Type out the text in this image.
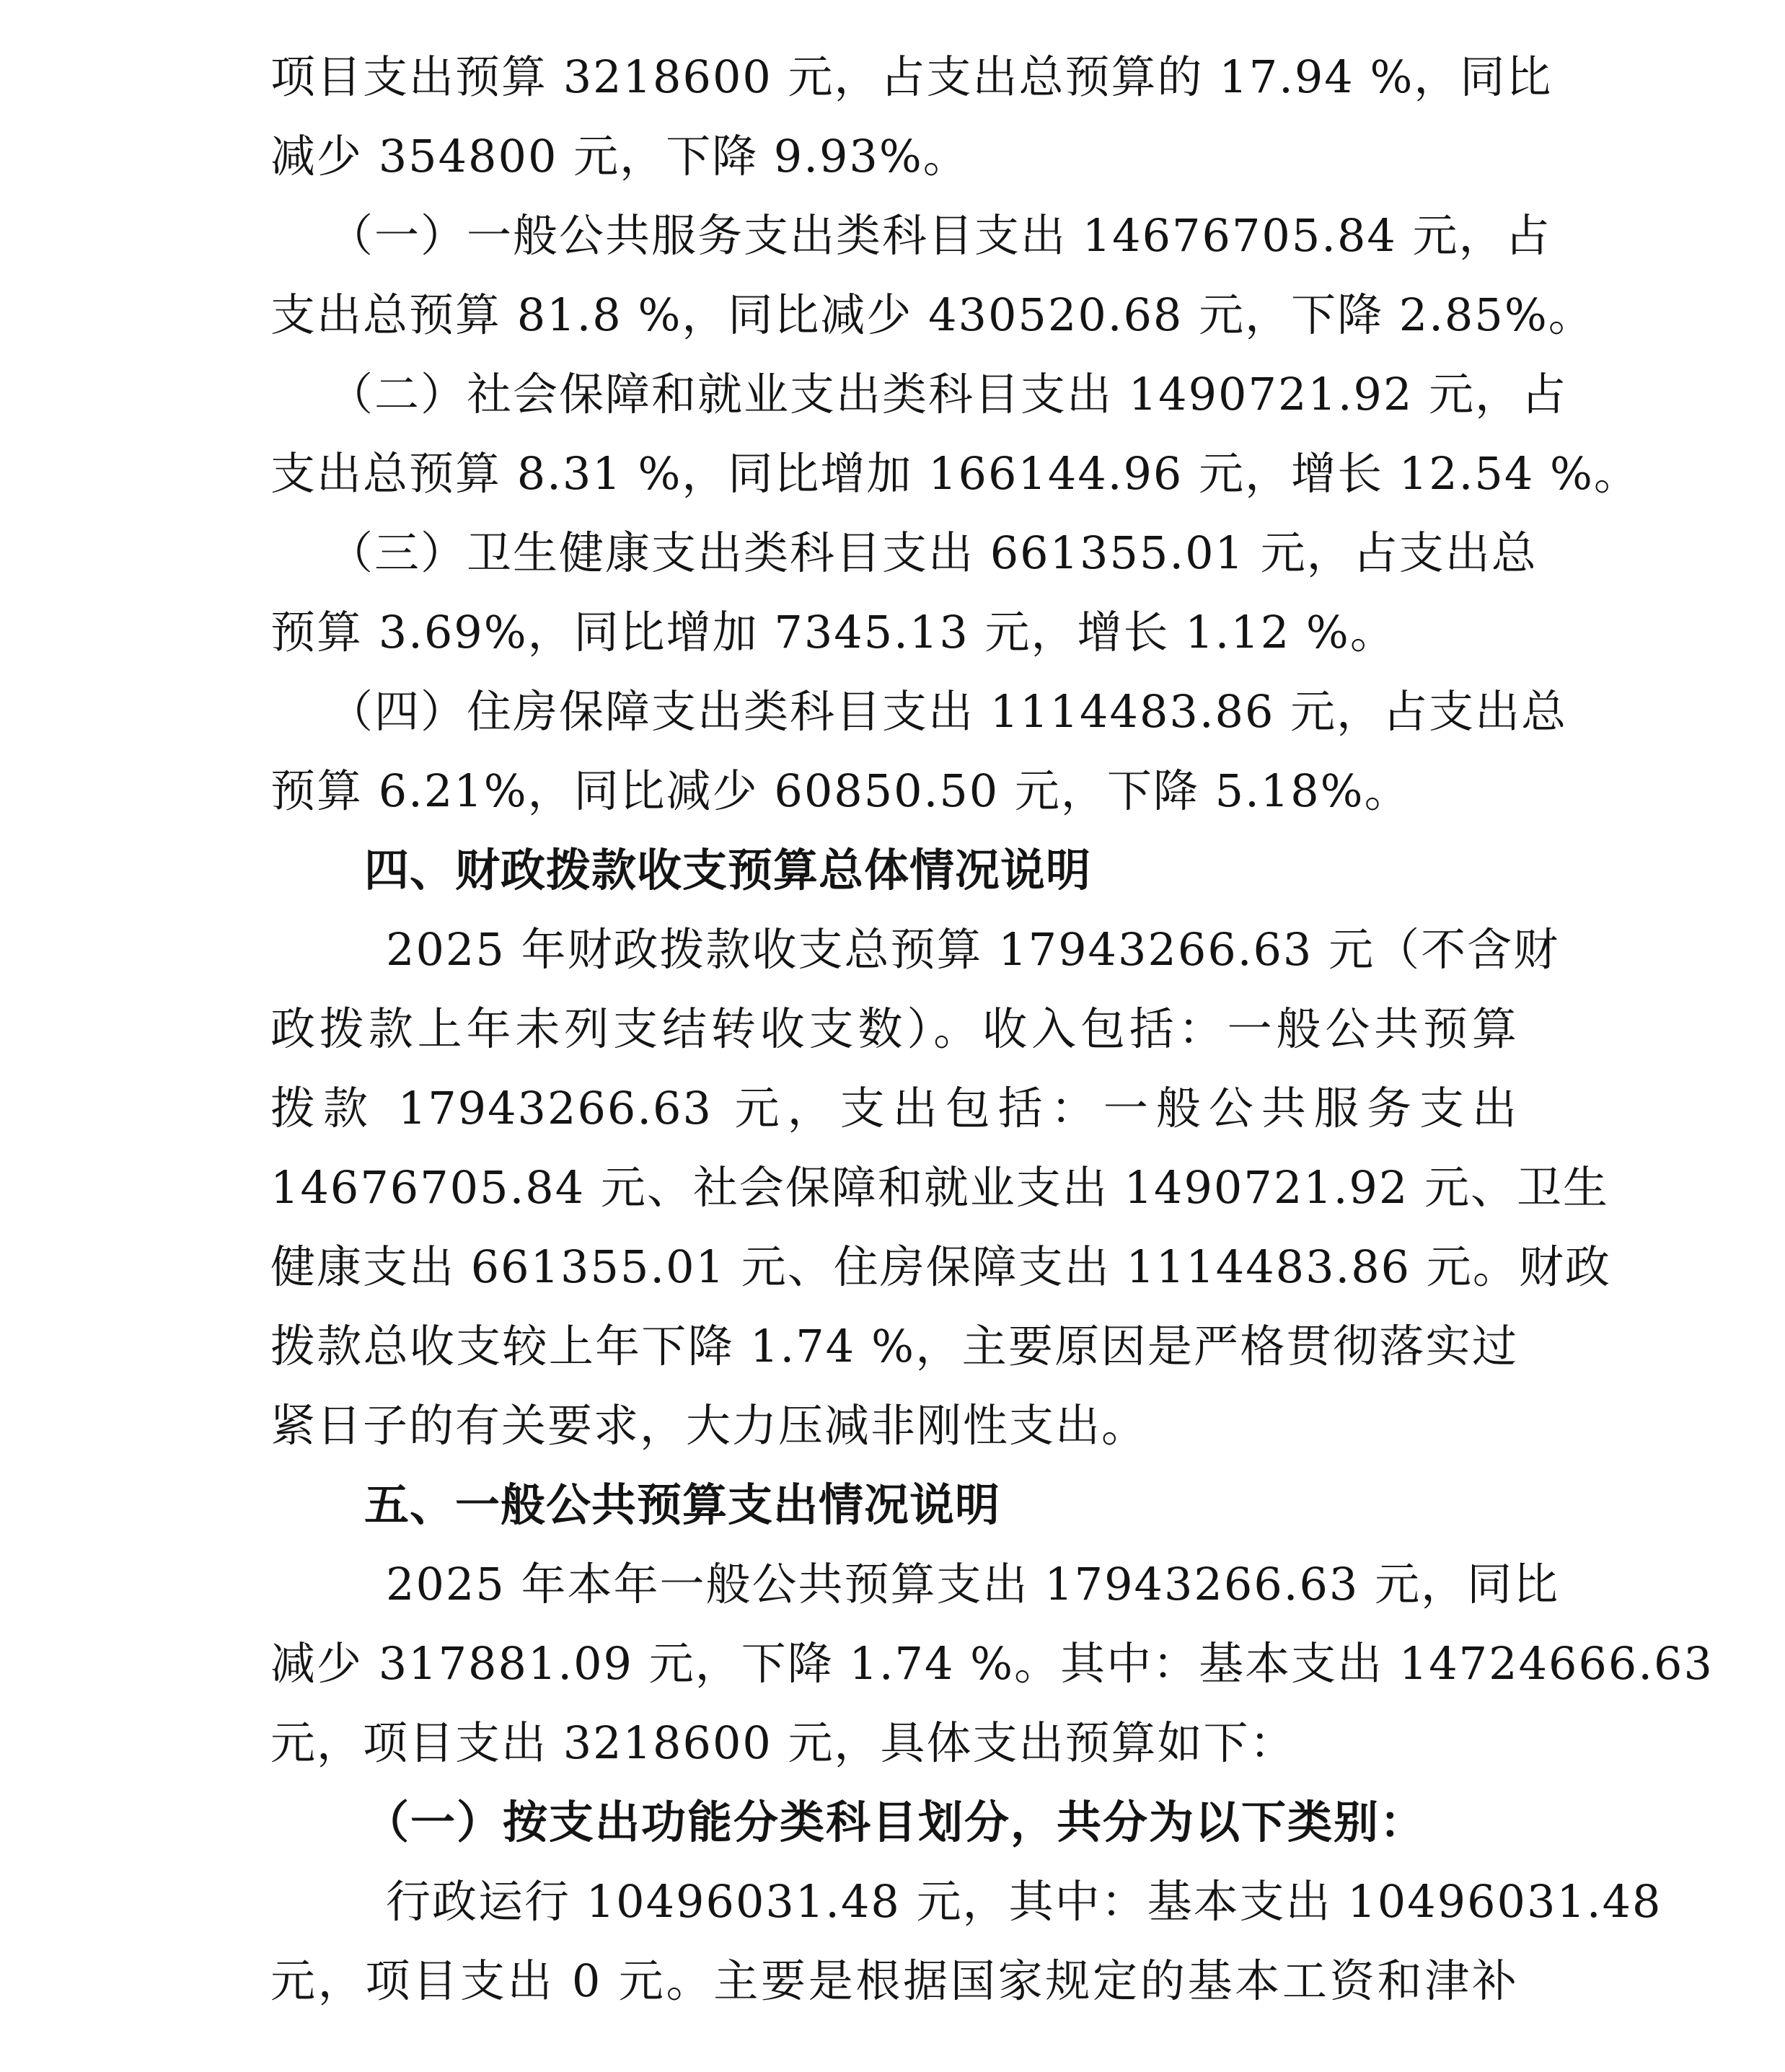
项目支出预算 3218600 元，占支出总预算的 17.94 %，同比
减少 354800 元，下降 9.93%。
（一）一般公共服务支出类科目支出 14676705.84 元，占
支出总预算 81.8 %，同比减少 430520.68 元，下降 2.85%。
（二）社会保障和就业支出类科目支出 1490721.92 元，占
支出总预算 8.31 %，同比增加 166144.96 元，增长 12.54 %。
（三）卫生健康支出类科目支出 661355.01 元，占支出总
预算 3.69%，同比增加 7345.13 元，增长 1.12 %。
（四）住房保障支出类科目支出 1114483.86 元，占支出总
预算 6.21%，同比减少 60850.50 元，下降 5.18%。
四、财政拨款收支预算总体情况说明
2025 年财政拨款收支总预算 17943266.63 元（不含财
政拨款上年未列支结转收支数）。收入包括：一般公共预算
拨款 17943266.63 元，支出包括：一般公共服务支出
14676705.84 元、社会保障和就业支出 1490721.92 元、卫生
健康支出 661355.01 元、住房保障支出 1114483.86 元。财政
拨款总收支较上年下降 1.74 %，主要原因是严格贯彻落实过
紧日子的有关要求，大力压减非刚性支出。
五、一般公共预算支出情况说明
2025 年本年一般公共预算支出 17943266.63 元，同比
减少 317881.09 元，下降 1.74 %。其中：基本支出 14724666.63
元，项目支出 3218600 元，具体支出预算如下：
（一）按支出功能分类科目划分，共分为以下类别：
行政运行 10496031.48 元，其中：基本支出 10496031.48
元，项目支出 0 元。主要是根据国家规定的基本工资和津补
